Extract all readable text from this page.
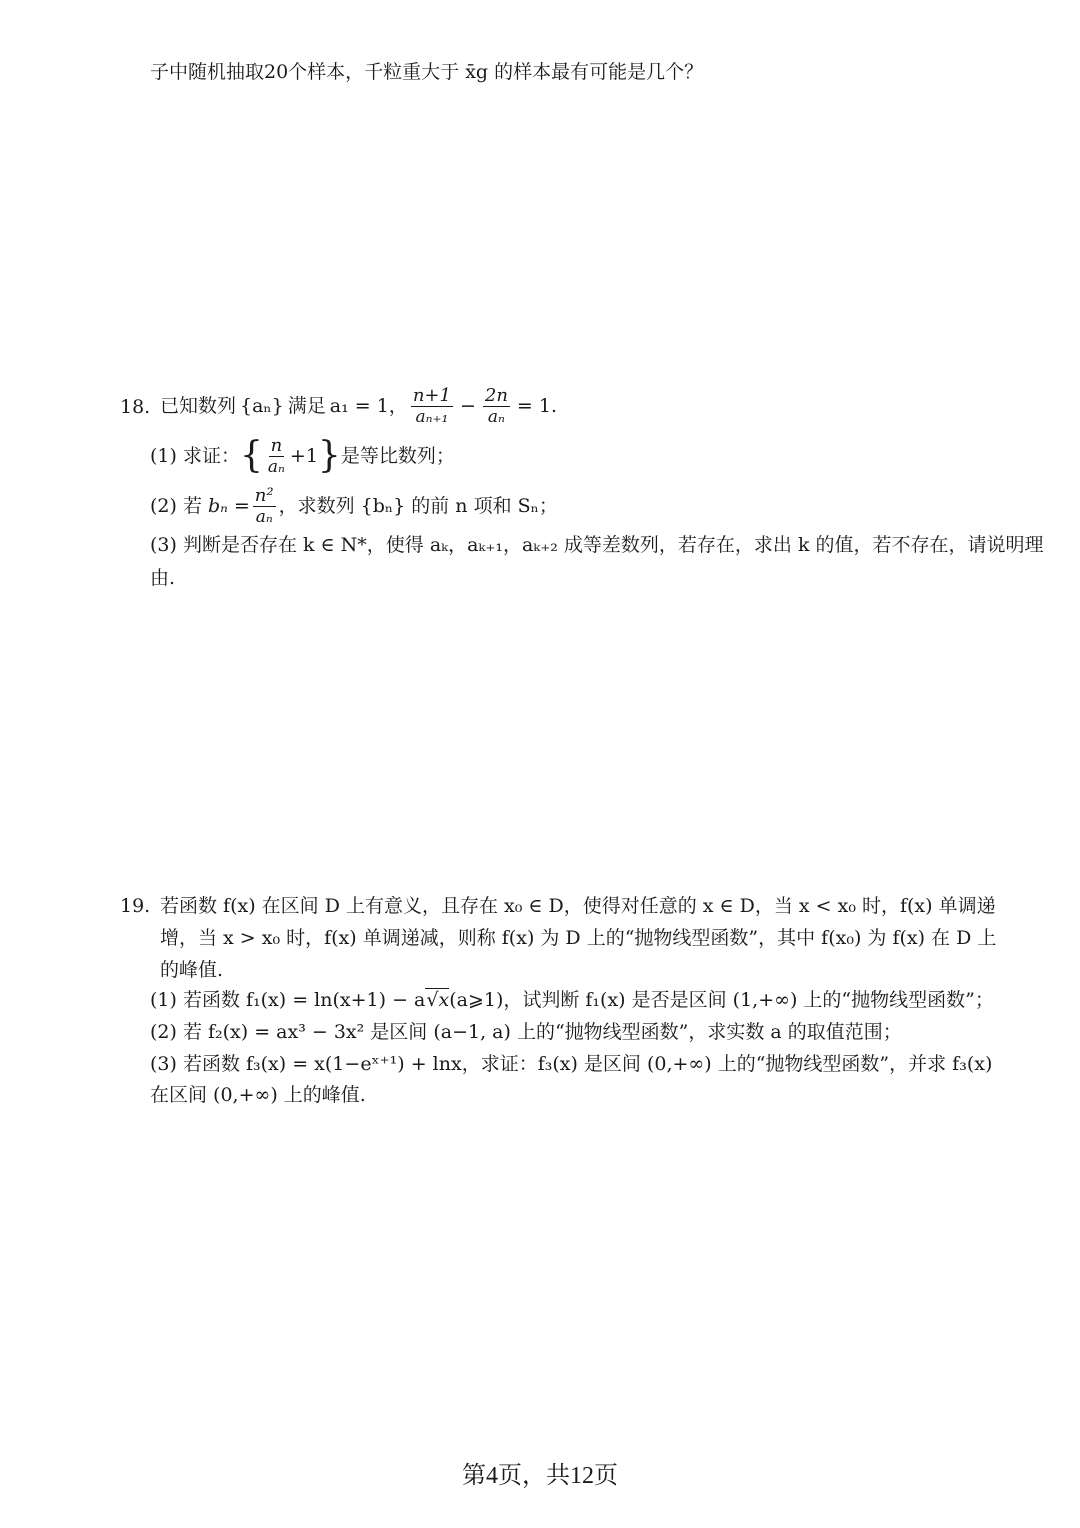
子中随机抽取20个样本，千粒重大于 x̄g 的样本最有可能是几个？
18. 已知数列 {aₙ} 满足 a₁ = 1， $\frac{n+1}{\text{aₙ₊₁}} - \frac{2n}{\text{aₙ}} = 1$.
(1) 求证： { $\frac{n}{\text{aₙ}} +1$ } 是等比数列；
(2) 若 $b_n = \frac{\text{n²}}{\text{aₙ}}$ ，求数列 {bₙ} 的前 n 项和 Sₙ；
(3) 判断是否存在 k ∈ N*，使得 aₖ，aₖ₊₁，aₖ₊₂ 成等差数列，若存在，求出 k 的值，若不存在，请说明理
由.
19. 若函数 f(x) 在区间 D 上有意义，且存在 x₀ ∈ D，使得对任意的 x ∈ D，当 x < x₀ 时，f(x) 单调递
增，当 x > x₀ 时，f(x) 单调递减，则称 f(x) 为 D 上的“抛物线型函数”，其中 f(x₀) 为 f(x) 在 D 上
的峰值.
(1) 若函数 f₁(x) = ln(x+1) − a√x(a⩾1)，试判断 f₁(x) 是否是区间 (1,+∞) 上的“抛物线型函数”；
(2) 若 f₂(x) = ax³ − 3x² 是区间 (a−1, a) 上的“抛物线型函数”，求实数 a 的取值范围；
(3) 若函数 f₃(x) = x(1−eˣ⁺¹) + lnx，求证：f₃(x) 是区间 (0,+∞) 上的“抛物线型函数”，并求 f₃(x)
在区间 (0,+∞) 上的峰值.
第4页，共12页
